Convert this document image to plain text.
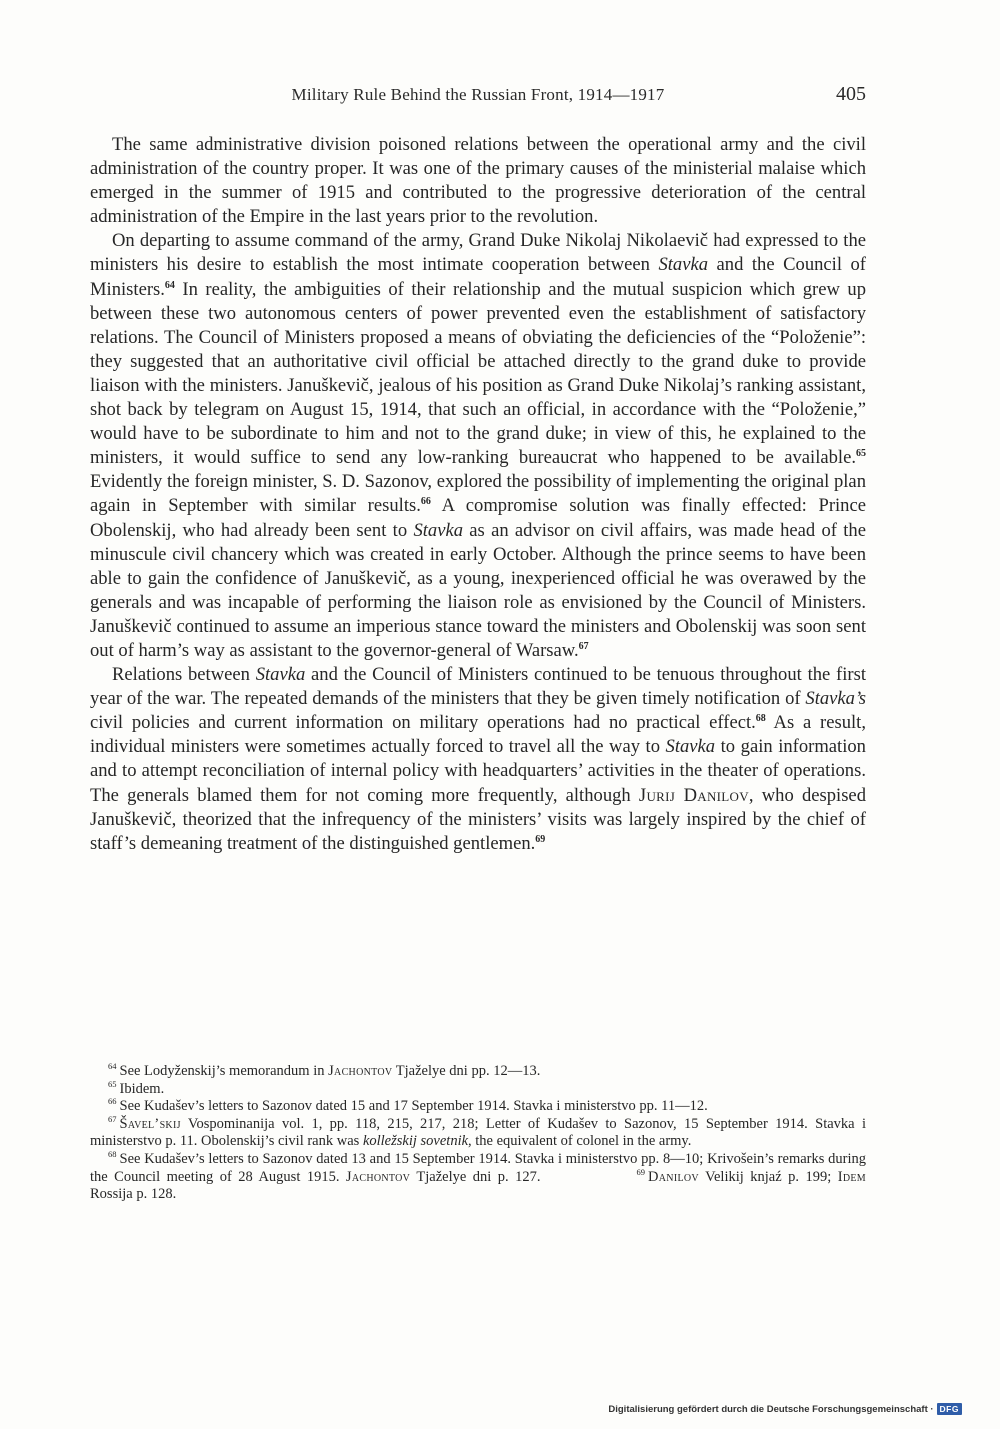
Military Rule Behind the Russian Front, 1914—1917	405

The same administrative division poisoned relations between the operational army and the civil administration of the country proper. It was one of the primary causes of the ministerial malaise which emerged in the summer of 1915 and contributed to the progressive deterioration of the central administration of the Empire in the last years prior to the revolution.

On departing to assume command of the army, Grand Duke Nikolaj Nikolaevič had expressed to the ministers his desire to establish the most intimate cooperation between Stavka and the Council of Ministers.$^{64}$ In reality, the ambiguities of their relationship and the mutual suspicion which grew up between these two autonomous centers of power prevented even the establishment of satisfactory relations. The Council of Ministers proposed a means of obviating the deficiencies of the “Položenie”: they suggested that an authoritative civil official be attached directly to the grand duke to provide liaison with the ministers. Januškevič, jealous of his position as Grand Duke Nikolaj’s ranking assistant, shot back by telegram on August 15, 1914, that such an official, in accordance with the “Položenie,” would have to be subordinate to him and not to the grand duke; in view of this, he explained to the ministers, it would suffice to send any low-ranking bureaucrat who happened to be available.$^{65}$ Evidently the foreign minister, S. D. Sazonov, explored the possibility of implementing the original plan again in September with similar results.$^{66}$ A compromise solution was finally effected: Prince Obolenskij, who had already been sent to Stavka as an advisor on civil affairs, was made head of the minuscule civil chancery which was created in early October. Although the prince seems to have been able to gain the confidence of Januškevič, as a young, inexperienced official he was overawed by the generals and was incapable of performing the liaison role as envisioned by the Council of Ministers. Januškevič continued to assume an imperious stance toward the ministers and Obolenskij was soon sent out of harm’s way as assistant to the governor-general of Warsaw.$^{67}$

Relations between Stavka and the Council of Ministers continued to be tenuous throughout the first year of the war. The repeated demands of the ministers that they be given timely notification of Stavka’s civil policies and current information on military operations had no practical effect.$^{68}$ As a result, individual ministers were sometimes actually forced to travel all the way to Stavka to gain information and to attempt reconciliation of internal policy with headquarters’ activities in the theater of operations. The generals blamed them for not coming more frequently, although Jurij Danilov, who despised Januškevič, theorized that the infrequency of the ministers’ visits was largely inspired by the chief of staff’s demeaning treatment of the distinguished gentlemen.$^{69}$

$^{64}$ See Lodyženskij’s memorandum in Jachontov Tjaželye dni pp. 12—13.

$^{65}$ Ibidem.

$^{66}$ See Kudašev’s letters to Sazonov dated 15 and 17 September 1914. Stavka i ministerstvo pp. 11—12.

$^{67}$ Šavel’skij Vospominanija vol. 1, pp. 118, 215, 217, 218; Letter of Kudašev to Sazonov, 15 September 1914. Stavka i ministerstvo p. 11. Obolenskij’s civil rank was kolležskij sovetnik, the equivalent of colonel in the army.

$^{68}$ See Kudašev’s letters to Sazonov dated 13 and 15 September 1914. Stavka i ministerstvo pp. 8—10; Krivošein’s remarks during the Council meeting of 28 August 1915. Jachontov Tjaželye dni p. 127.	$^{69}$ Danilov Velikij knjaź p. 199; Idem Rossija p. 128.

Digitalisierung gefördert durch die Deutsche Forschungsgemeinschaft · DFG
